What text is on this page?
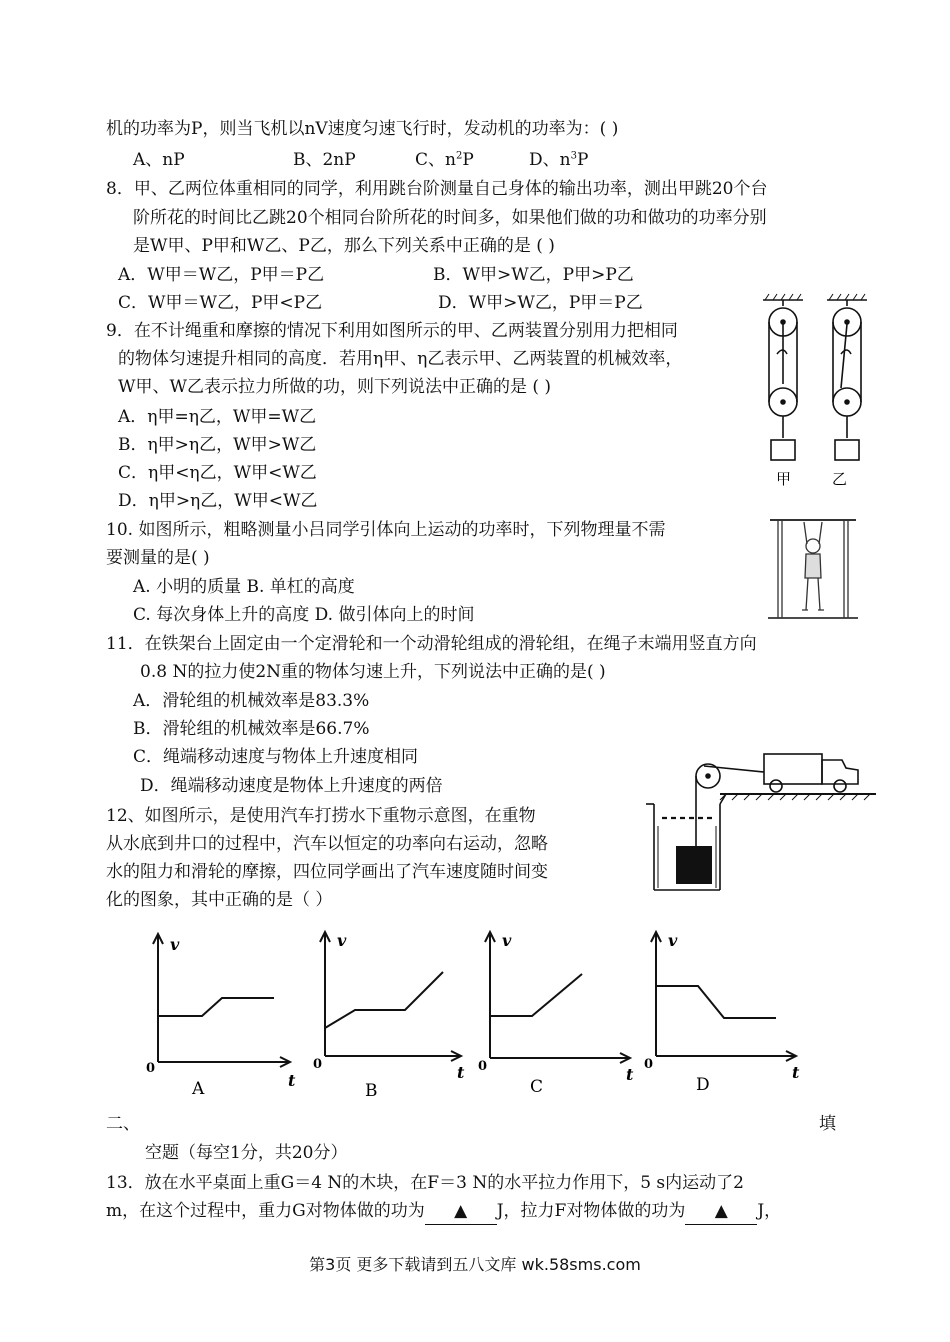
机的功率为P，则当飞机以nV速度匀速飞行时，发动机的功率为：( )
A、nP	B、2nP	C、$n^2P$	D、$n^3P$
8．甲、乙两位体重相同的同学，利用跳台阶测量自己身体的输出功率，测出甲跳20个台
阶所花的时间比乙跳20个相同台阶所花的时间多，如果他们做的功和做功的功率分别
是W甲、P甲和W乙、P乙，那么下列关系中正确的是 ( )
A．W甲＝W乙，P甲＝P乙	B．W甲>W乙，P甲>P乙
C．W甲＝W乙，P甲<P乙	D．W甲>W乙，P甲＝P乙
9．在不计绳重和摩擦的情况下利用如图所示的甲、乙两装置分别用力把相同
的物体匀速提升相同的高度．若用η甲、η乙表示甲、乙两装置的机械效率，
W甲、W乙表示拉力所做的功，则下列说法中正确的是 ( )
A．η甲=η乙，W甲=W乙
B．η甲>η乙，W甲>W乙
C．η甲<η乙，W甲<W乙
D．η甲>η乙，W甲<W乙
甲	乙
10. 如图所示，粗略测量小吕同学引体向上运动的功率时，下列物理量不需
要测量的是( )
A. 小明的质量 B. 单杠的高度
C. 每次身体上升的高度 D. 做引体向上的时间
11．在铁架台上固定由一个定滑轮和一个动滑轮组成的滑轮组，在绳子末端用竖直方向
0.8 N的拉力使2N重的物体匀速上升，下列说法中正确的是( )
A．滑轮组的机械效率是83.3%
B．滑轮组的机械效率是66.7%
C．绳端移动速度与物体上升速度相同
D．绳端移动速度是物体上升速度的两倍
12、如图所示，是使用汽车打捞水下重物示意图，在重物
从水底到井口的过程中，汽车以恒定的功率向右运动，忽略
水的阻力和滑轮的摩擦，四位同学画出了汽车速度随时间变
化的图象，其中正确的是（ ）
v
t
0
A
v
t
0
B
v
t
0
C
v
t
0
D
二、	填
空题（每空1分，共20分）
13．放在水平桌面上重G＝4 N的木块，在F＝3 N的水平拉力作用下，5 s内运动了2
m，在这个过程中，重力G对物体做的功为 ▲ J，拉力F对物体做的功为 ▲ J，
第3页 更多下载请到五八文库 wk.58sms.com
